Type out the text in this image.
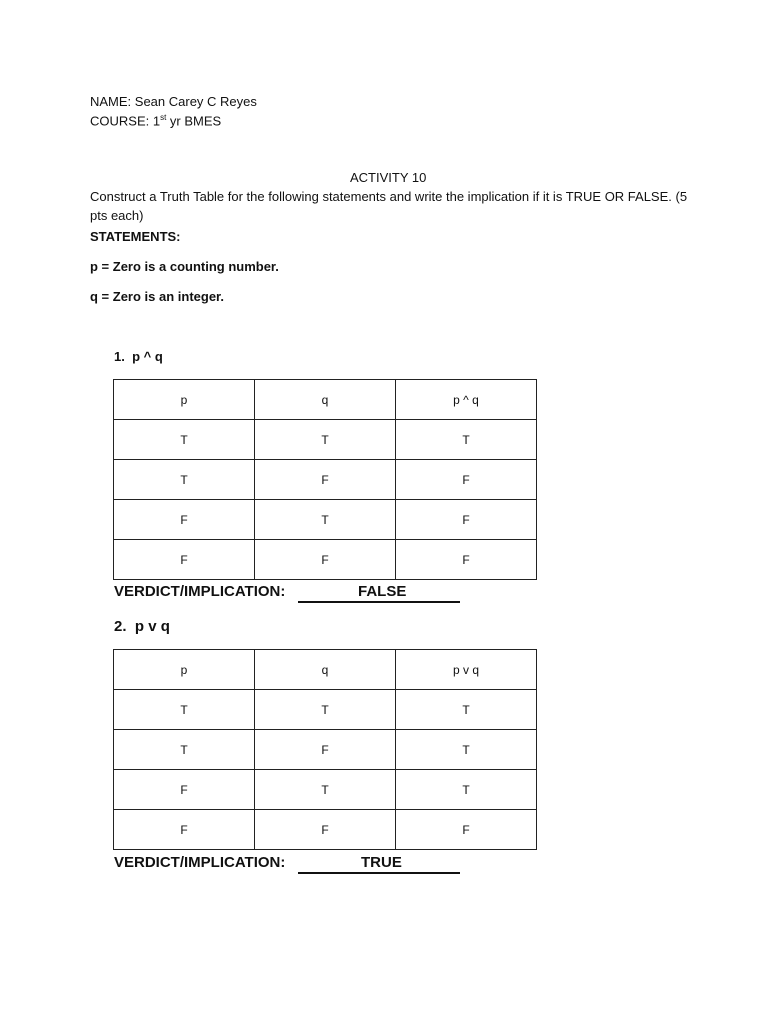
NAME: Sean Carey C Reyes
COURSE: 1st yr BMES
ACTIVITY 10
Construct a Truth Table for the following statements and write the implication if it is TRUE OR FALSE. (5
pts each)
STATEMENTS:
p = Zero is a counting number.
q = Zero is an integer.
1. p ^ q
p	q	p ^ q
T	T	T
T	F	F
F	T	F
F	F	F
VERDICT/IMPLICATION:	FALSE
2. p v q
p	q	p v q
T	T	T
T	F	T
F	T	T
F	F	F
VERDICT/IMPLICATION:	TRUE
